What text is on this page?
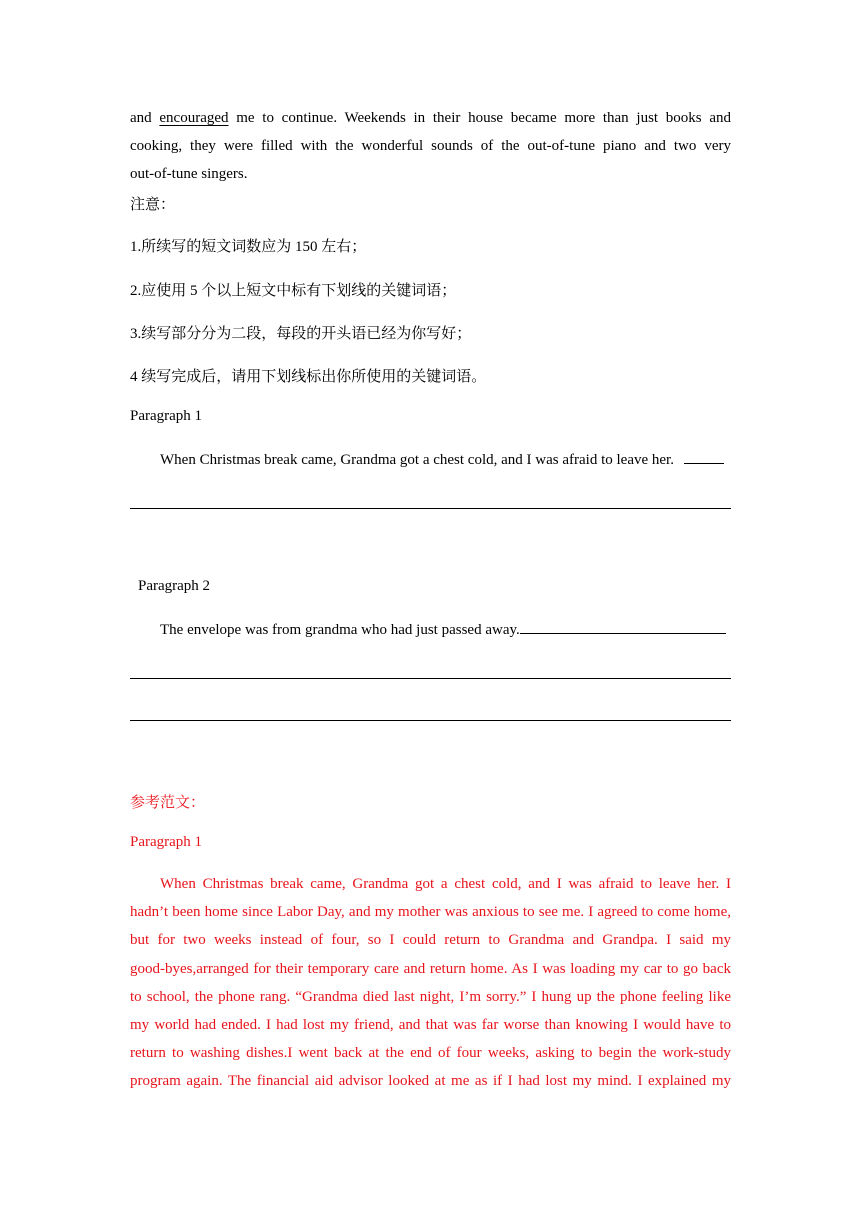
and encouraged me to continue. Weekends in their house became more than just books and
cooking, they were filled with the wonderful sounds of the out-of-tune piano and two very
out-of-tune singers.
注意：
1.所续写的短文词数应为 150 左右；
2.应使用 5 个以上短文中标有下划线的关键词语；
3.续写部分分为二段，每段的开头语已经为你写好；
4 续写完成后，请用下划线标出你所使用的关键词语。
Paragraph 1
When Christmas break came, Grandma got a chest cold, and I was afraid to leave her.
Paragraph 2
The envelope was from grandma who had just passed away.
参考范文：
Paragraph 1
When Christmas break came, Grandma got a chest cold, and I was afraid to leave her. I
hadn’t been home since Labor Day, and my mother was anxious to see me. I agreed to come home,
but for two weeks instead of four, so I could return to Grandma and Grandpa. I said my
good-byes,arranged for their temporary care and return home. As I was loading my car to go back
to school, the phone rang. “Grandma died last night, I’m sorry.” I hung up the phone feeling like
my world had ended. I had lost my friend, and that was far worse than knowing I would have to
return to washing dishes.I went back at the end of four weeks, asking to begin the work-study
program again. The financial aid advisor looked at me as if I had lost my mind. I explained my
